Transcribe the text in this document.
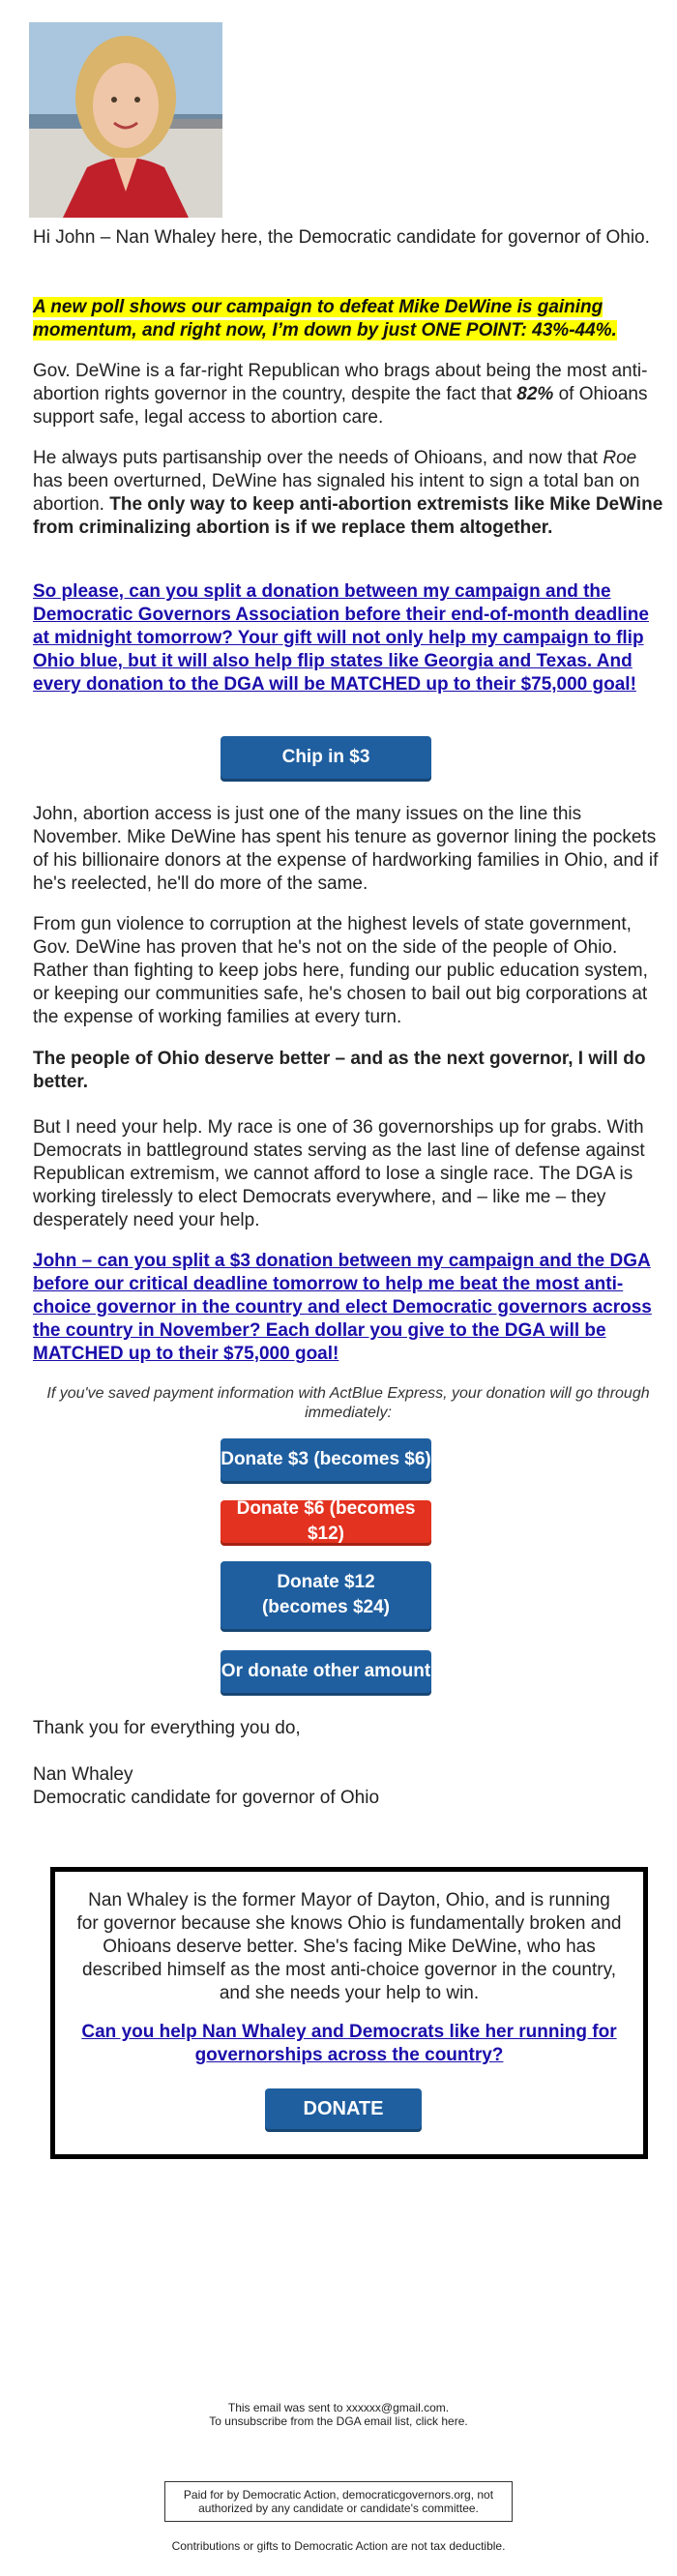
Hi John – Nan Whaley here, the Democratic candidate for governor of Ohio.

A new poll shows our campaign to defeat Mike DeWine is gaining momentum, and right now, I’m down by just ONE POINT: 43%-44%.

Gov. DeWine is a far-right Republican who brags about being the most anti-abortion rights governor in the country, despite the fact that 82% of Ohioans support safe, legal access to abortion care.

He always puts partisanship over the needs of Ohioans, and now that Roe has been overturned, DeWine has signaled his intent to sign a total ban on abortion. The only way to keep anti-abortion extremists like Mike DeWine from criminalizing abortion is if we replace them altogether.

So please, can you split a donation between my campaign and the Democratic Governors Association before their end-of-month deadline at midnight tomorrow? Your gift will not only help my campaign to flip Ohio blue, but it will also help flip states like Georgia and Texas. And every donation to the DGA will be MATCHED up to their $75,000 goal!
Chip in $3

John, abortion access is just one of the many issues on the line this November. Mike DeWine has spent his tenure as governor lining the pockets of his billionaire donors at the expense of hardworking families in Ohio, and if he's reelected, he'll do more of the same.

From gun violence to corruption at the highest levels of state government, Gov. DeWine has proven that he's not on the side of the people of Ohio. Rather than fighting to keep jobs here, funding our public education system, or keeping our communities safe, he's chosen to bail out big corporations at the expense of working families at every turn.

The people of Ohio deserve better – and as the next governor, I will do better.

But I need your help. My race is one of 36 governorships up for grabs. With Democrats in battleground states serving as the last line of defense against Republican extremism, we cannot afford to lose a single race. The DGA is working tirelessly to elect Democrats everywhere, and – like me – they desperately need your help.

John – can you split a $3 donation between my campaign and the DGA before our critical deadline tomorrow to help me beat the most anti-choice governor in the country and elect Democratic governors across the country in November? Each dollar you give to the DGA will be MATCHED up to their $75,000 goal!
If you've saved payment information with ActBlue Express, your donation will go through immediately:
Donate $3 (becomes $6)
Donate $6 (becomes $12)
Donate $12 (becomes $24)
Or donate other amount

Thank you for everything you do,

Nan Whaley

Democratic candidate for governor of Ohio

Nan Whaley is the former Mayor of Dayton, Ohio, and is running for governor because she knows Ohio is fundamentally broken and Ohioans deserve better. She's facing Mike DeWine, who has described himself as the most anti-choice governor in the country, and she needs your help to win.

Can you help Nan Whaley and Democrats like her running for governorships across the country?
DONATE
This email was sent to xxxxxx@gmail.com.
To unsubscribe from the DGA email list, click here.
Paid for by Democratic Action, democraticgovernors.org, not authorized by any candidate or candidate's committee.
Contributions or gifts to Democratic Action are not tax deductible.
